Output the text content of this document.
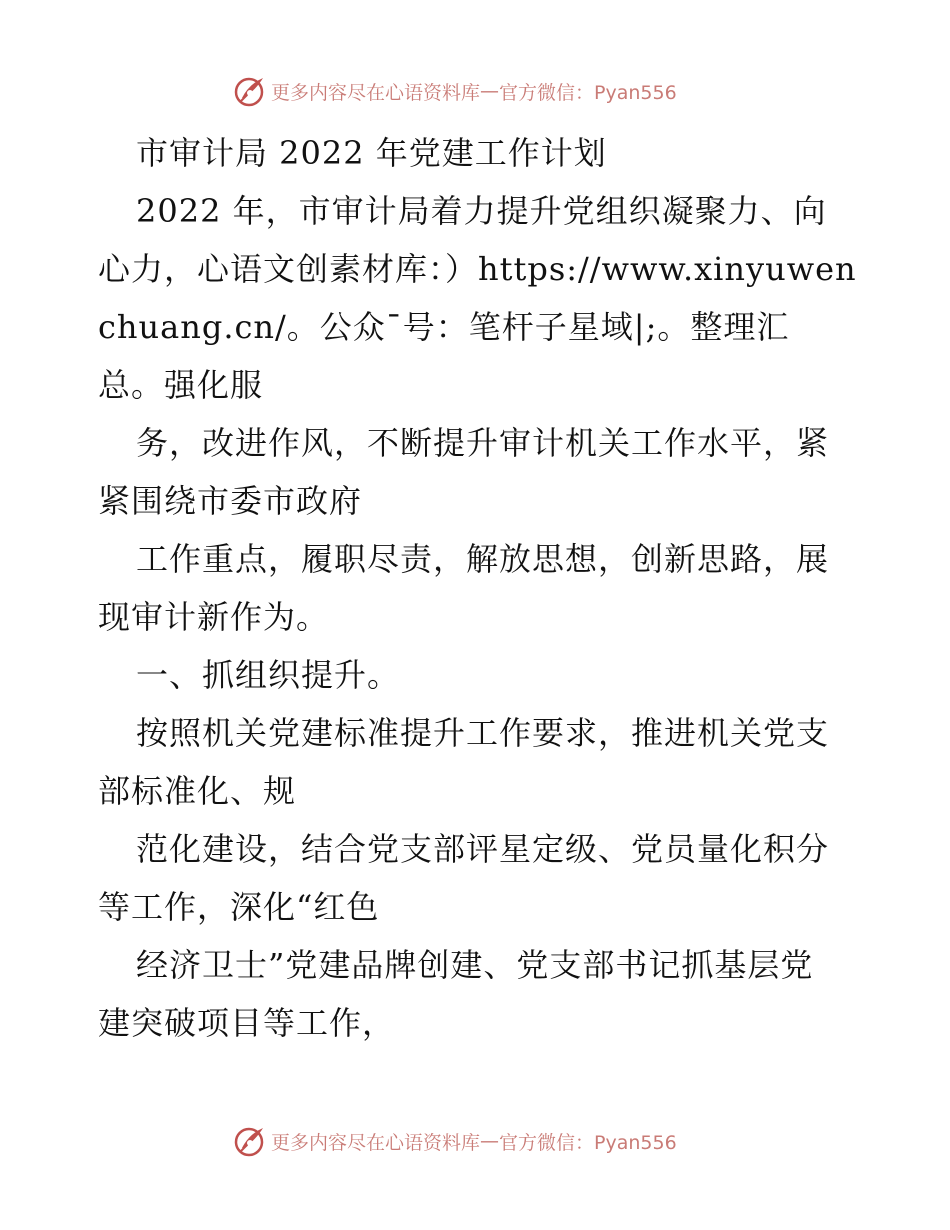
更多内容尽在心语资料库 — 官方微信：Pyan556
市审计局 2022 年党建工作计划
2022 年，市审计局着力提升党组织凝聚力、向
心力，心语文创素材库：）https://www.xinyuwen
chuang.cn/。公众¯号：笔杆子星域|;。整理汇
总。强化服
务，改进作风，不断提升审计机关工作水平，紧
紧围绕市委市政府
工作重点，履职尽责，解放思想，创新思路，展
现审计新作为。
一、抓组织提升。
按照机关党建标准提升工作要求，推进机关党支
部标准化、规
范化建设，结合党支部评星定级、党员量化积分
等工作，深化“红色
经济卫士”党建品牌创建、党支部书记抓基层党
建突破项目等工作，
更多内容尽在心语资料库 — 官方微信：Pyan556
